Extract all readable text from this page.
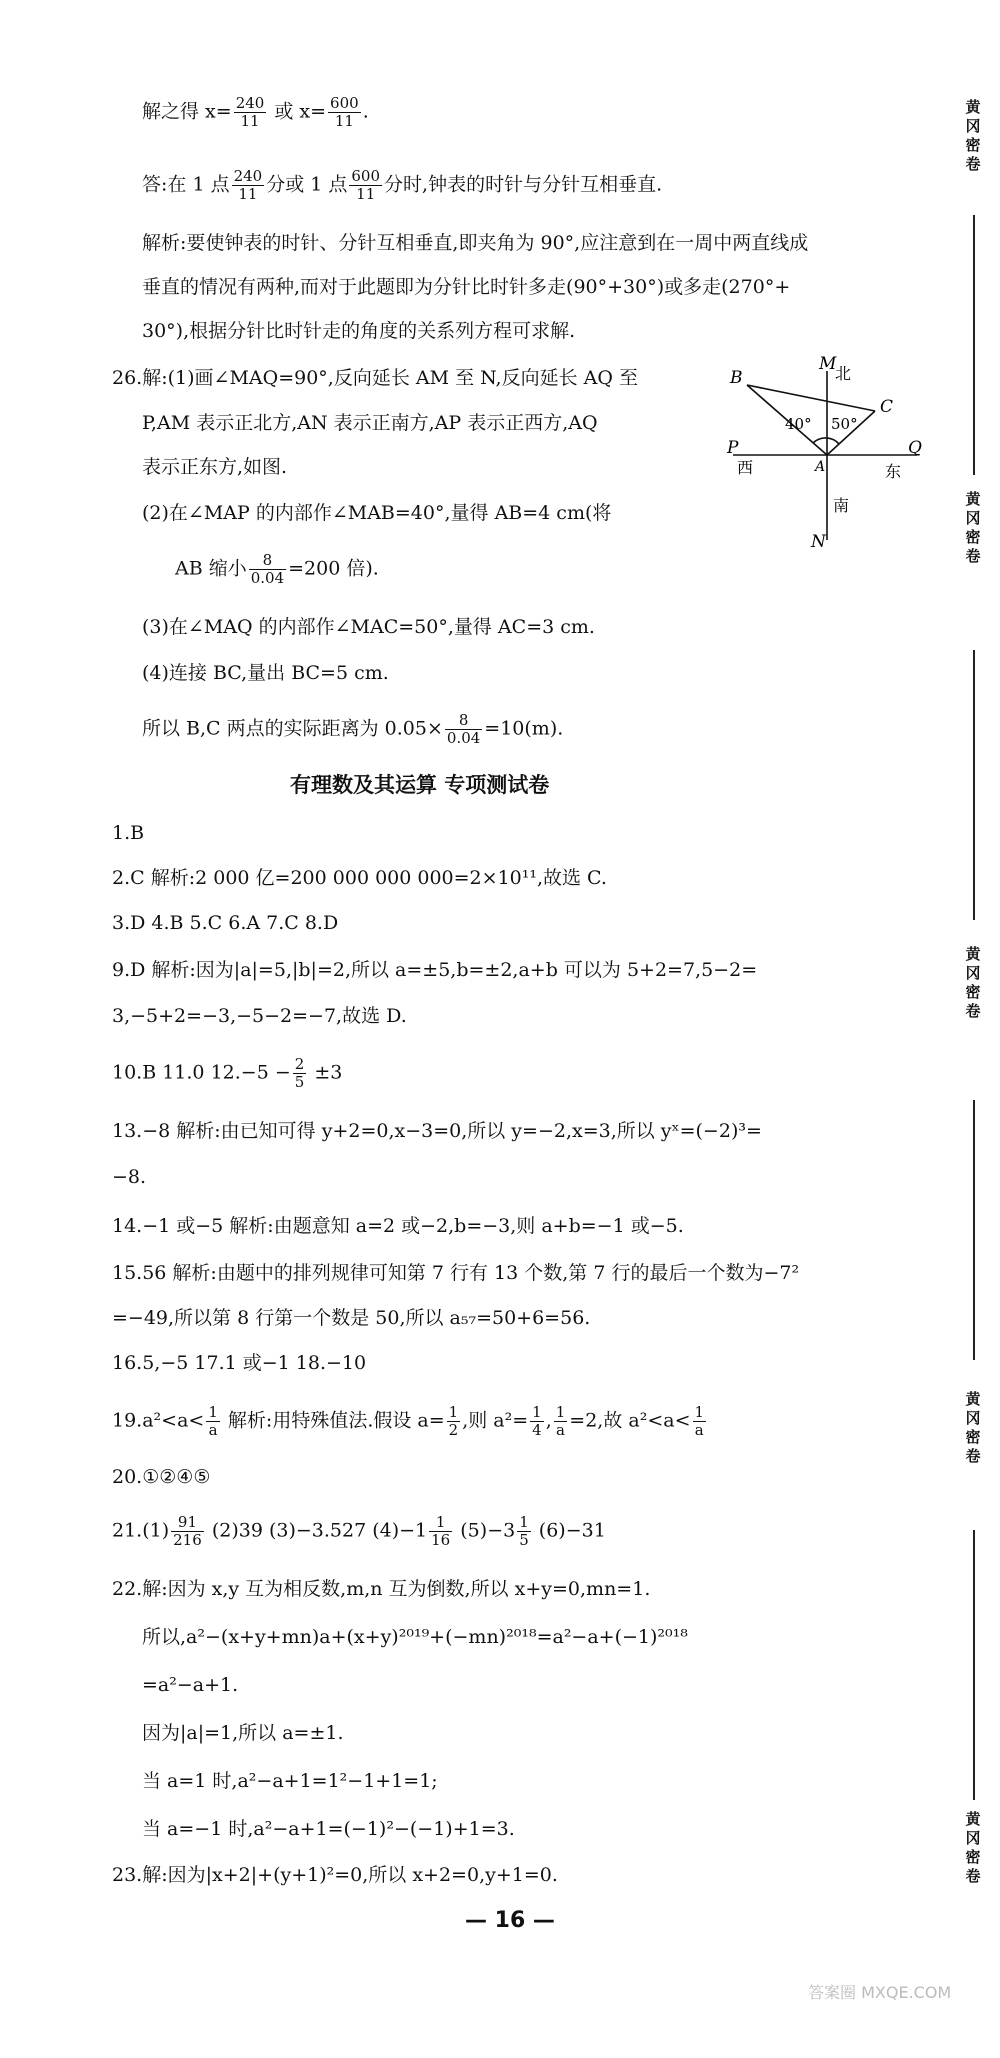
解之得 $x= \frac{240}{11}$ 或 $x= \frac{600}{11}$ .
答:在 1 点 $\frac{240}{11}$ 分或 1 点 $\frac{600}{11}$ 分时,钟表的时针与分针互相垂直.
解析:要使钟表的时针、分针互相垂直,即夹角为 90°,应注意到在一周中两直线成
垂直的情况有两种,而对于此题即为分针比时针多走(90°+30°)或多走(270°+
30°),根据分针比时针走的角度的关系列方程可求解.
26.解:(1)画∠MAQ=90°,反向延长 AM 至 N,反向延长 AQ 至
P,AM 表示正北方,AN 表示正南方,AP 表示正西方,AQ
表示正东方,如图.
(2)在∠MAP 的内部作∠MAB=40°,量得 AB=4 cm(将
AB 缩小 $\frac{8}{0.04} =200$ 倍).
(3)在∠MAQ 的内部作∠MAC=50°,量得 AC=3 cm.
(4)连接 BC,量出 BC=5 cm.
所以 B,C 两点的实际距离为 $0.05\times \frac{8}{0.04} =10(m)$.
M
北
B
C
40° 50°
P
A
Q
西	东
南
N
有理数及其运算 专项测试卷
1.B
2.C 解析:2 000 亿=200 000 000 000=2×10¹¹,故选 C.
3.D 4.B 5.C 6.A 7.C 8.D
9.D 解析:因为|a|=5,|b|=2,所以 a=±5,b=±2,a+b 可以为 5+2=7,5−2=
3,−5+2=−3,−5−2=−7,故选 D.
10.B 11.0 $12.-5 - \frac{2}{5} \pm 3$
13.−8 解析:由已知可得 y+2=0,x−3=0,所以 y=−2,x=3,所以 yˣ=(−2)³=
−8.
14.−1 或−5 解析:由题意知 a=2 或−2,b=−3,则 a+b=−1 或−5.
15.56 解析:由题中的排列规律可知第 7 行有 13 个数,第 7 行的最后一个数为−7²
=−49,所以第 8 行第一个数是 50,所以 a₅₇=50+6=56.
16.5,−5 17.1 或−1 18.−10
$19.a^2<a< \frac{1}{a}$ 解析:用特殊值法.假设 $a= \frac{1}{2}$ ,则 $a^2= \frac{1}{4}$ , $\frac{1}{a} =2$,故 $a^2<a< \frac{1}{a}$
20.①②④⑤
$21.(1) \frac{91}{216} (2)39$ (3)−3.527 $(4)-1 \frac{1}{16} (5)-3 \frac{1}{5} (6)-31$
22.解:因为 x,y 互为相反数,m,n 互为倒数,所以 x+y=0,mn=1.
所以,a²−(x+y+mn)a+(x+y)²⁰¹⁹+(−mn)²⁰¹⁸=a²−a+(−1)²⁰¹⁸
=a²−a+1.
因为|a|=1,所以 a=±1.
当 a=1 时,a²−a+1=1²−1+1=1;
当 a=−1 时,a²−a+1=(−1)²−(−1)+1=3.
23.解:因为|x+2|+(y+1)²=0,所以 x+2=0,y+1=0.
— 16 —
黄冈密卷
黄冈密卷
黄冈密卷
黄冈密卷
黄冈密卷
答案圈 MXQE.COM
